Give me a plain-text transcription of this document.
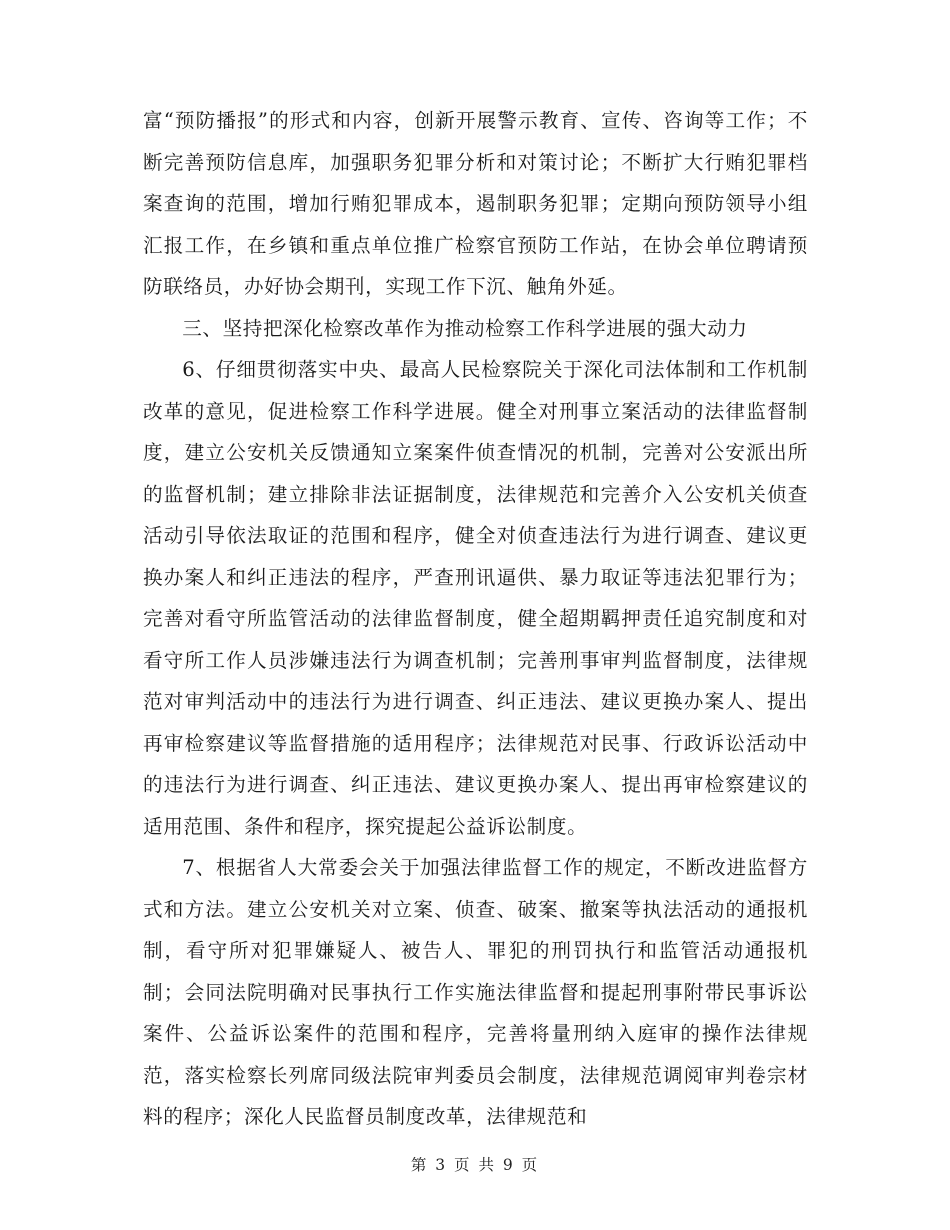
富“预防播报”的形式和内容，创新开展警示教育、宣传、咨询等工作；不断完善预防信息库，加强职务犯罪分析和对策讨论；不断扩大行贿犯罪档案查询的范围，增加行贿犯罪成本，遏制职务犯罪；定期向预防领导小组汇报工作，在乡镇和重点单位推广检察官预防工作站，在协会单位聘请预防联络员，办好协会期刊，实现工作下沉、触角外延。

三、坚持把深化检察改革作为推动检察工作科学进展的强大动力

6、仔细贯彻落实中央、最高人民检察院关于深化司法体制和工作机制改革的意见，促进检察工作科学进展。健全对刑事立案活动的法律监督制度，建立公安机关反馈通知立案案件侦查情况的机制，完善对公安派出所的监督机制；建立排除非法证据制度，法律规范和完善介入公安机关侦查活动引导依法取证的范围和程序，健全对侦查违法行为进行调查、建议更换办案人和纠正违法的程序，严查刑讯逼供、暴力取证等违法犯罪行为；完善对看守所监管活动的法律监督制度，健全超期羁押责任追究制度和对看守所工作人员涉嫌违法行为调查机制；完善刑事审判监督制度，法律规范对审判活动中的违法行为进行调查、纠正违法、建议更换办案人、提出再审检察建议等监督措施的适用程序；法律规范对民事、行政诉讼活动中的违法行为进行调查、纠正违法、建议更换办案人、提出再审检察建议的适用范围、条件和程序，探究提起公益诉讼制度。

7、根据省人大常委会关于加强法律监督工作的规定，不断改进监督方式和方法。建立公安机关对立案、侦查、破案、撤案等执法活动的通报机制，看守所对犯罪嫌疑人、被告人、罪犯的刑罚执行和监管活动通报机制；会同法院明确对民事执行工作实施法律监督和提起刑事附带民事诉讼案件、公益诉讼案件的范围和程序，完善将量刑纳入庭审的操作法律规范，落实检察长列席同级法院审判委员会制度，法律规范调阅审判卷宗材料的程序；深化人民监督员制度改革，法律规范和

第 3 页 共 9 页
